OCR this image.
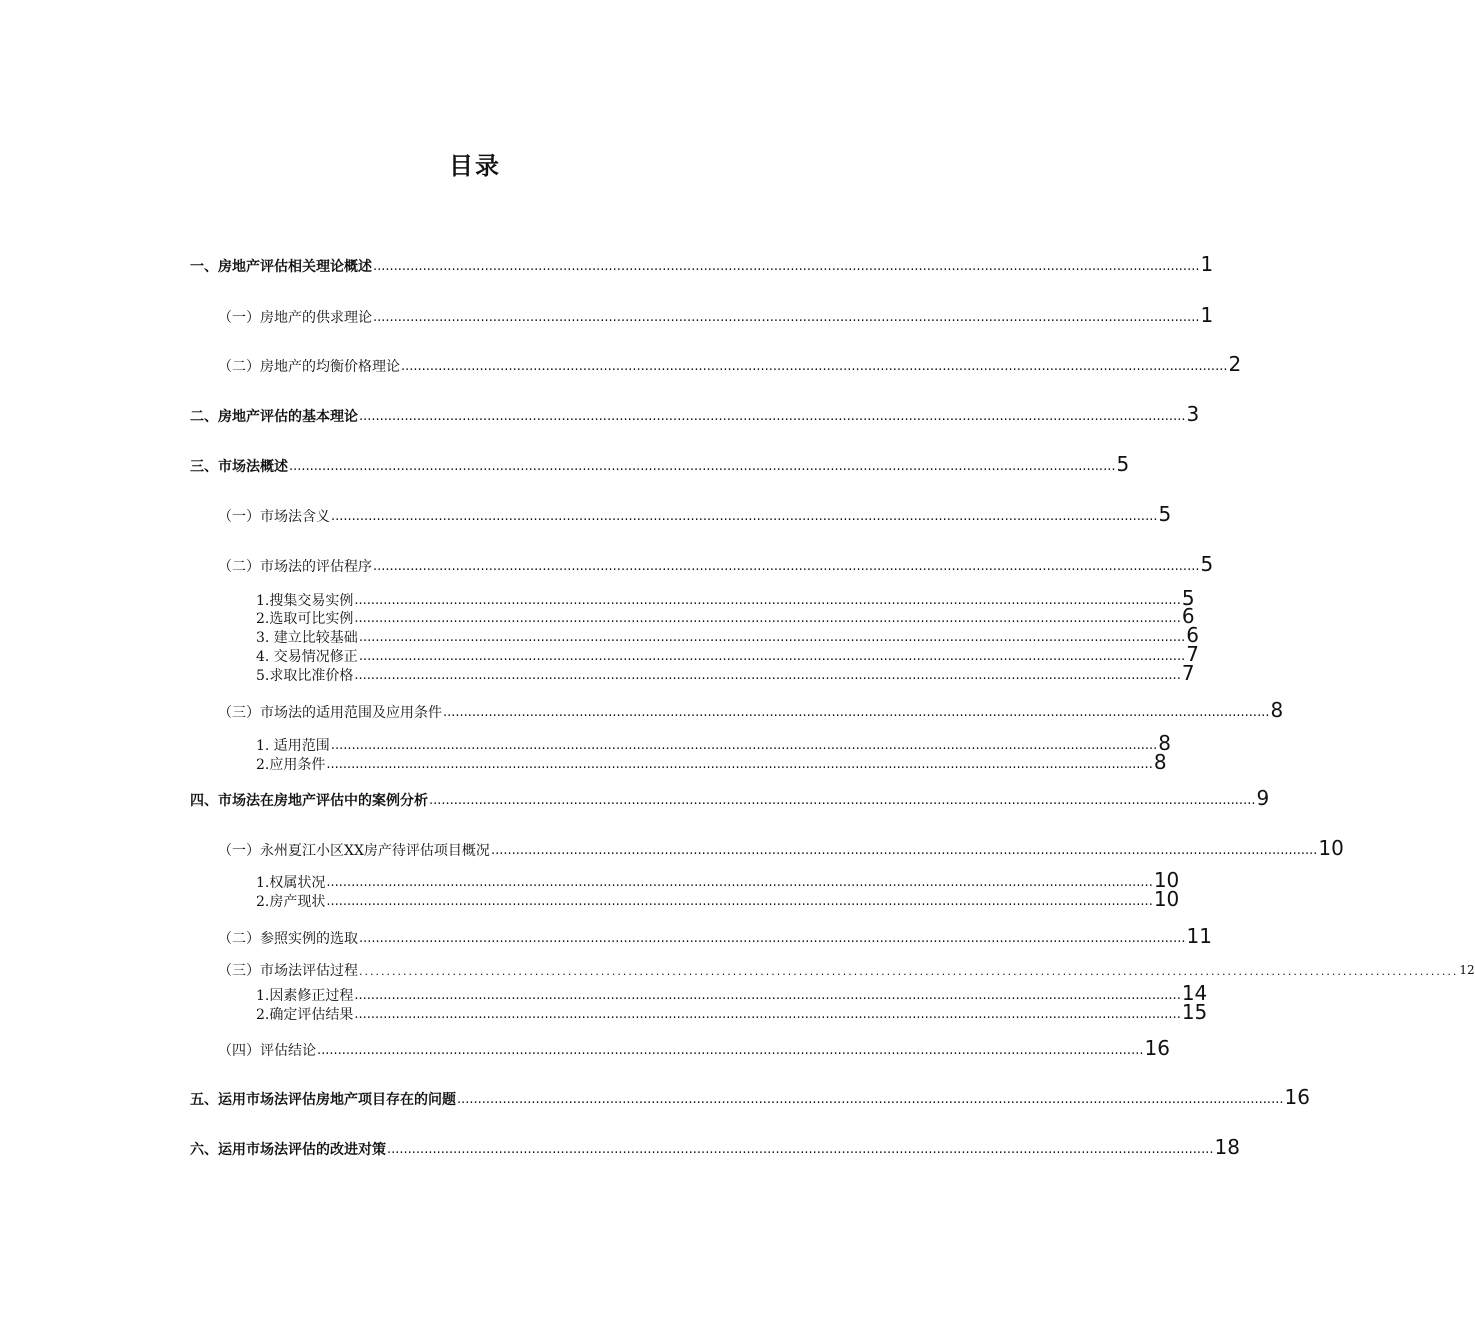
目录
一、房地产评估相关理论概述 ........................................................................................................................................................................................................ 1
（一）房地产的供求理论 ........................................................................................................................................................................................................ 1
（二）房地产的均衡价格理论 ........................................................................................................................................................................................................ 2
二、房地产评估的基本理论 ........................................................................................................................................................................................................ 3
三、市场法概述 ........................................................................................................................................................................................................ 5
（一）市场法含义 ........................................................................................................................................................................................................ 5
（二）市场法的评估程序 ........................................................................................................................................................................................................ 5
1.搜集交易实例 ........................................................................................................................................................................................................ 5
2.选取可比实例 ........................................................................................................................................................................................................ 6
3. 建立比较基础 ........................................................................................................................................................................................................ 6
4. 交易情况修正 ........................................................................................................................................................................................................ 7
5.求取比准价格 ........................................................................................................................................................................................................ 7
（三）市场法的适用范围及应用条件 ........................................................................................................................................................................................................ 8
1. 适用范围 ........................................................................................................................................................................................................ 8
2.应用条件 ........................................................................................................................................................................................................ 8
四、市场法在房地产评估中的案例分析 ........................................................................................................................................................................................................ 9
（一）永州夏江小区XX房产待评估项目概况 ........................................................................................................................................................................................................ 10
1.权属状况 ........................................................................................................................................................................................................ 10
2.房产现状 ........................................................................................................................................................................................................ 10
（二）参照实例的选取 ........................................................................................................................................................................................................ 11
（三）市场法评估过程 ........................................................................................................................................................................................................ 12
1.因素修正过程 ........................................................................................................................................................................................................ 14
2.确定评估结果 ........................................................................................................................................................................................................ 15
（四）评估结论 ........................................................................................................................................................................................................ 16
五、运用市场法评估房地产项目存在的问题 ........................................................................................................................................................................................................ 16
六、运用市场法评估的改进对策 ........................................................................................................................................................................................................ 18
